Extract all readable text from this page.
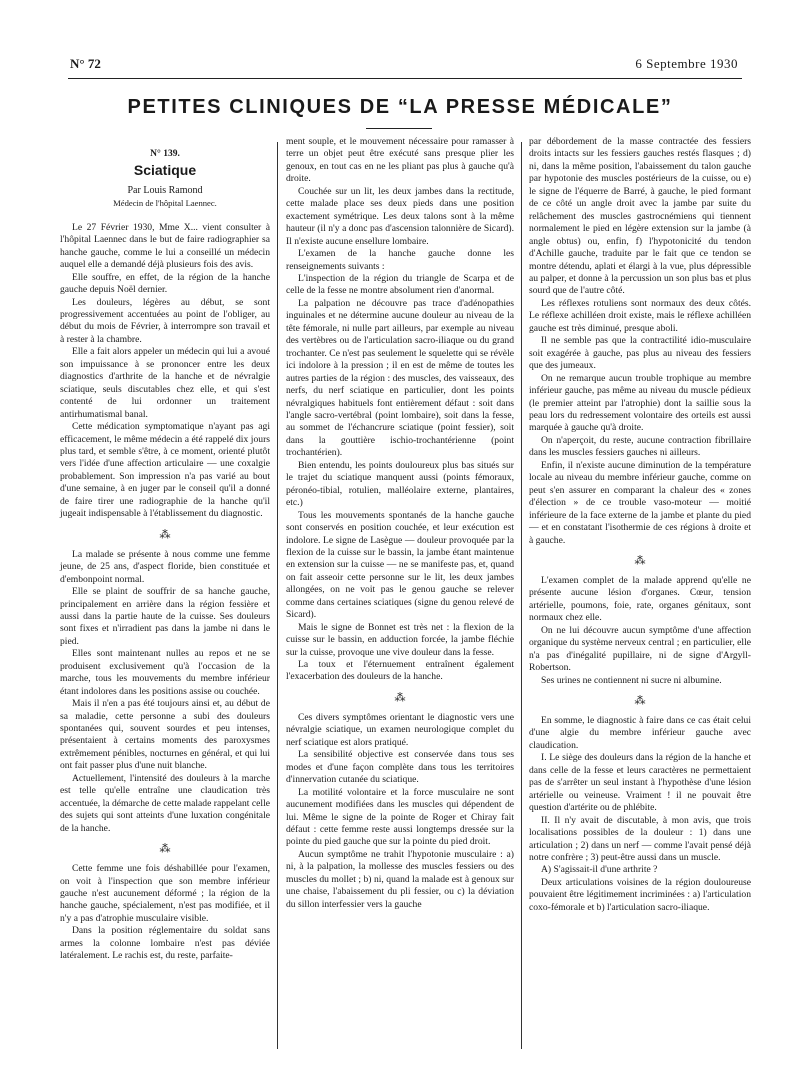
N° 72	6 Septembre 1930
PETITES CLINIQUES DE “LA PRESSE MÉDICALE”

N° 139.

Sciatique

Par Louis Ramond

Médecin de l'hôpital Laennec.

Le 27 Février 1930, Mme X... vient consulter à l'hôpital Laennec dans le but de faire radiographier sa hanche gauche, comme le lui a conseillé un médecin auquel elle a demandé déjà plusieurs fois des avis.

Elle souffre, en effet, de la région de la hanche gauche depuis Noël dernier.

Les douleurs, légères au début, se sont progressivement accentuées au point de l'obliger, au début du mois de Février, à interrompre son travail et à rester à la chambre.

Elle a fait alors appeler un médecin qui lui a avoué son impuissance à se prononcer entre les deux diagnostics d'arthrite de la hanche et de névralgie sciatique, seuls discutables chez elle, et qui s'est contenté de lui ordonner un traitement antirhumatismal banal.

Cette médication symptomatique n'ayant pas agi efficacement, le même médecin a été rappelé dix jours plus tard, et semble s'être, à ce moment, orienté plutôt vers l'idée d'une affection articulaire — une coxalgie probablement. Son impression n'a pas varié au bout d'une semaine, à en juger par le conseil qu'il a donné de faire tirer une radiographie de la hanche qu'il jugeait indispensable à l'établissement du diagnostic.

⁂

La malade se présente à nous comme une femme jeune, de 25 ans, d'aspect floride, bien constituée et d'embonpoint normal.

Elle se plaint de souffrir de sa hanche gauche, principalement en arrière dans la région fessière et aussi dans la partie haute de la cuisse. Ses douleurs sont fixes et n'irradient pas dans la jambe ni dans le pied.

Elles sont maintenant nulles au repos et ne se produisent exclusivement qu'à l'occasion de la marche, tous les mouvements du membre inférieur étant indolores dans les positions assise ou couchée.

Mais il n'en a pas été toujours ainsi et, au début de sa maladie, cette personne a subi des douleurs spontanées qui, souvent sourdes et peu intenses, présentaient à certains moments des paroxysmes extrêmement pénibles, nocturnes en général, et qui lui ont fait passer plus d'une nuit blanche.

Actuellement, l'intensité des douleurs à la marche est telle qu'elle entraîne une claudication très accentuée, la démarche de cette malade rappelant celle des sujets qui sont atteints d'une luxation congénitale de la hanche.

⁂

Cette femme une fois déshabillée pour l'examen, on voit à l'inspection que son membre inférieur gauche n'est aucunement déformé ; la région de la hanche gauche, spécialement, n'est pas modifiée, et il n'y a pas d'atrophie musculaire visible.

Dans la position réglementaire du soldat sans armes la colonne lombaire n'est pas déviée latéralement. Le rachis est, du reste, parfaite-

ment souple, et le mouvement nécessaire pour ramasser à terre un objet peut être exécuté sans presque plier les genoux, en tout cas en ne les pliant pas plus à gauche qu'à droite.

Couchée sur un lit, les deux jambes dans la rectitude, cette malade place ses deux pieds dans une position exactement symétrique. Les deux talons sont à la même hauteur (il n'y a donc pas d'ascension talonnière de Sicard). Il n'existe aucune ensellure lombaire.

L'examen de la hanche gauche donne les renseignements suivants :

L'inspection de la région du triangle de Scarpa et de celle de la fesse ne montre absolument rien d'anormal.

La palpation ne découvre pas trace d'adénopathies inguinales et ne détermine aucune douleur au niveau de la tête fémorale, ni nulle part ailleurs, par exemple au niveau des vertèbres ou de l'articulation sacro-iliaque ou du grand trochanter. Ce n'est pas seulement le squelette qui se révèle ici indolore à la pression ; il en est de même de toutes les autres parties de la région : des muscles, des vaisseaux, des nerfs, du nerf sciatique en particulier, dont les points névralgiques habituels font entièrement défaut : soit dans l'angle sacro-vertébral (point lombaire), soit dans la fesse, au sommet de l'échancrure sciatique (point fessier), soit dans la gouttière ischio-trochantérienne (point trochantérien).

Bien entendu, les points douloureux plus bas situés sur le trajet du sciatique manquent aussi (points fémoraux, péronéo-tibial, rotulien, malléolaire externe, plantaires, etc.)

Tous les mouvements spontanés de la hanche gauche sont conservés en position couchée, et leur exécution est indolore. Le signe de Lasègue — douleur provoquée par la flexion de la cuisse sur le bassin, la jambe étant maintenue en extension sur la cuisse — ne se manifeste pas, et, quand on fait asseoir cette personne sur le lit, les deux jambes allongées, on ne voit pas le genou gauche se relever comme dans certaines sciatiques (signe du genou relevé de Sicard).

Mais le signe de Bonnet est très net : la flexion de la cuisse sur le bassin, en adduction forcée, la jambe fléchie sur la cuisse, provoque une vive douleur dans la fesse.

La toux et l'éternuement entraînent également l'exacerbation des douleurs de la hanche.

⁂

Ces divers symptômes orientant le diagnostic vers une névralgie sciatique, un examen neurologique complet du nerf sciatique est alors pratiqué.

La sensibilité objective est conservée dans tous ses modes et d'une façon complète dans tous les territoires d'innervation cutanée du sciatique.

La motilité volontaire et la force musculaire ne sont aucunement modifiées dans les muscles qui dépendent de lui. Même le signe de la pointe de Roger et Chiray fait défaut : cette femme reste aussi longtemps dressée sur la pointe du pied gauche que sur la pointe du pied droit.

Aucun symptôme ne trahit l'hypotonie musculaire : a) ni, à la palpation, la mollesse des muscles fessiers ou des muscles du mollet ; b) ni, quand la malade est à genoux sur une chaise, l'abaissement du pli fessier, ou c) la déviation du sillon interfessier vers la gauche

par débordement de la masse contractée des fessiers droits intacts sur les fessiers gauches restés flasques ; d) ni, dans la même position, l'abaissement du talon gauche par hypotonie des muscles postérieurs de la cuisse, ou e) le signe de l'équerre de Barré, à gauche, le pied formant de ce côté un angle droit avec la jambe par suite du relâchement des muscles gastrocnémiens qui tiennent normalement le pied en légère extension sur la jambe (à angle obtus) ou, enfin, f) l'hypotonicité du tendon d'Achille gauche, traduite par le fait que ce tendon se montre détendu, aplati et élargi à la vue, plus dépressible au palper, et donne à la percussion un son plus bas et plus sourd que de l'autre côté.

Les réflexes rotuliens sont normaux des deux côtés. Le réflexe achilléen droit existe, mais le réflexe achilléen gauche est très diminué, presque aboli.

Il ne semble pas que la contractilité idio-musculaire soit exagérée à gauche, pas plus au niveau des fessiers que des jumeaux.

On ne remarque aucun trouble trophique au membre inférieur gauche, pas même au niveau du muscle pédieux (le premier atteint par l'atrophie) dont la saillie sous la peau lors du redressement volontaire des orteils est aussi marquée à gauche qu'à droite.

On n'aperçoit, du reste, aucune contraction fibrillaire dans les muscles fessiers gauches ni ailleurs.

Enfin, il n'existe aucune diminution de la température locale au niveau du membre inférieur gauche, comme on peut s'en assurer en comparant la chaleur des « zones d'élection » de ce trouble vaso-moteur — moitié inférieure de la face externe de la jambe et plante du pied — et en constatant l'isothermie de ces régions à droite et à gauche.

⁂

L'examen complet de la malade apprend qu'elle ne présente aucune lésion d'organes. Cœur, tension artérielle, poumons, foie, rate, organes génitaux, sont normaux chez elle.

On ne lui découvre aucun symptôme d'une affection organique du système nerveux central ; en particulier, elle n'a pas d'inégalité pupillaire, ni de signe d'Argyll-Robertson.

Ses urines ne contiennent ni sucre ni albumine.

⁂

En somme, le diagnostic à faire dans ce cas était celui d'une algie du membre inférieur gauche avec claudication.

I. Le siège des douleurs dans la région de la hanche et dans celle de la fesse et leurs caractères ne permettaient pas de s'arrêter un seul instant à l'hypothèse d'une lésion artérielle ou veineuse. Vraiment ! il ne pouvait être question d'artérite ou de phlébite.

II. Il n'y avait de discutable, à mon avis, que trois localisations possibles de la douleur : 1) dans une articulation ; 2) dans un nerf — comme l'avait pensé déjà notre confrère ; 3) peut-être aussi dans un muscle.

A) S'agissait-il d'une arthrite ?

Deux articulations voisines de la région douloureuse pouvaient être légitimement incriminées : a) l'articulation coxo-fémorale et b) l'articulation sacro-iliaque.
